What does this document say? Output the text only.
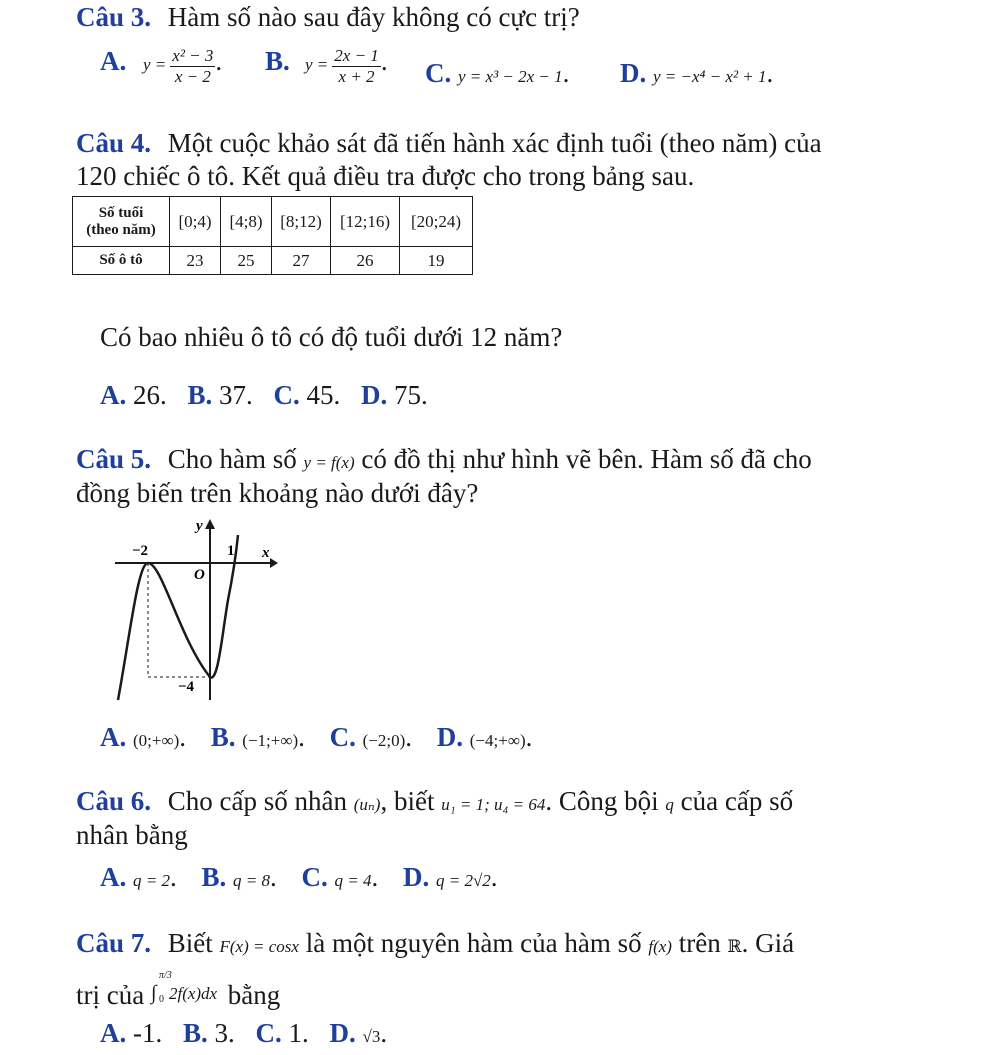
Câu 3. Hàm số nào sau đây không có cực trị?
A. $y = \frac{\text{x² − 3}}{x - 2}$ . B. $y = \frac{2x - 1}{x + 2}$ . C. y = x³ − 2x − 1. D. y = −x⁴ − x² + 1.
Câu 4. Một cuộc khảo sát đã tiến hành xác định tuổi (theo năm) của
120 chiếc ô tô. Kết quả điều tra được cho trong bảng sau.
Số tuổi
(theo năm)	[0;4)	[4;8)	[8;12)	[12;16)	[20;24)
Số ô tô	23	25	27	26	19
Có bao nhiêu ô tô có độ tuổi dưới 12 năm?
A. 26. B. 37. C. 45. D. 75.
Câu 5. Cho hàm số y = f(x) có đồ thị như hình vẽ bên. Hàm số đã cho
đồng biến trên khoảng nào dưới đây?
y
x
O
−2	1
−4
A. (0;+∞). B. (−1;+∞). C. (−2;0). D. (−4;+∞).
Câu 6. Cho cấp số nhân (uₙ), biết u₁ = 1; u₄ = 64. Công bội q của cấp số
nhân bằng
A. q = 2. B. q = 8. C. q = 4. D. q = 2√2.
Câu 7. Biết F(x) = cosx là một nguyên hàm của hàm số f(x) trên ℝ. Giá
trị của ∫
π/3
0 2f(x)dx bằng
A. -1. B. 3. C. 1. D. √3.
